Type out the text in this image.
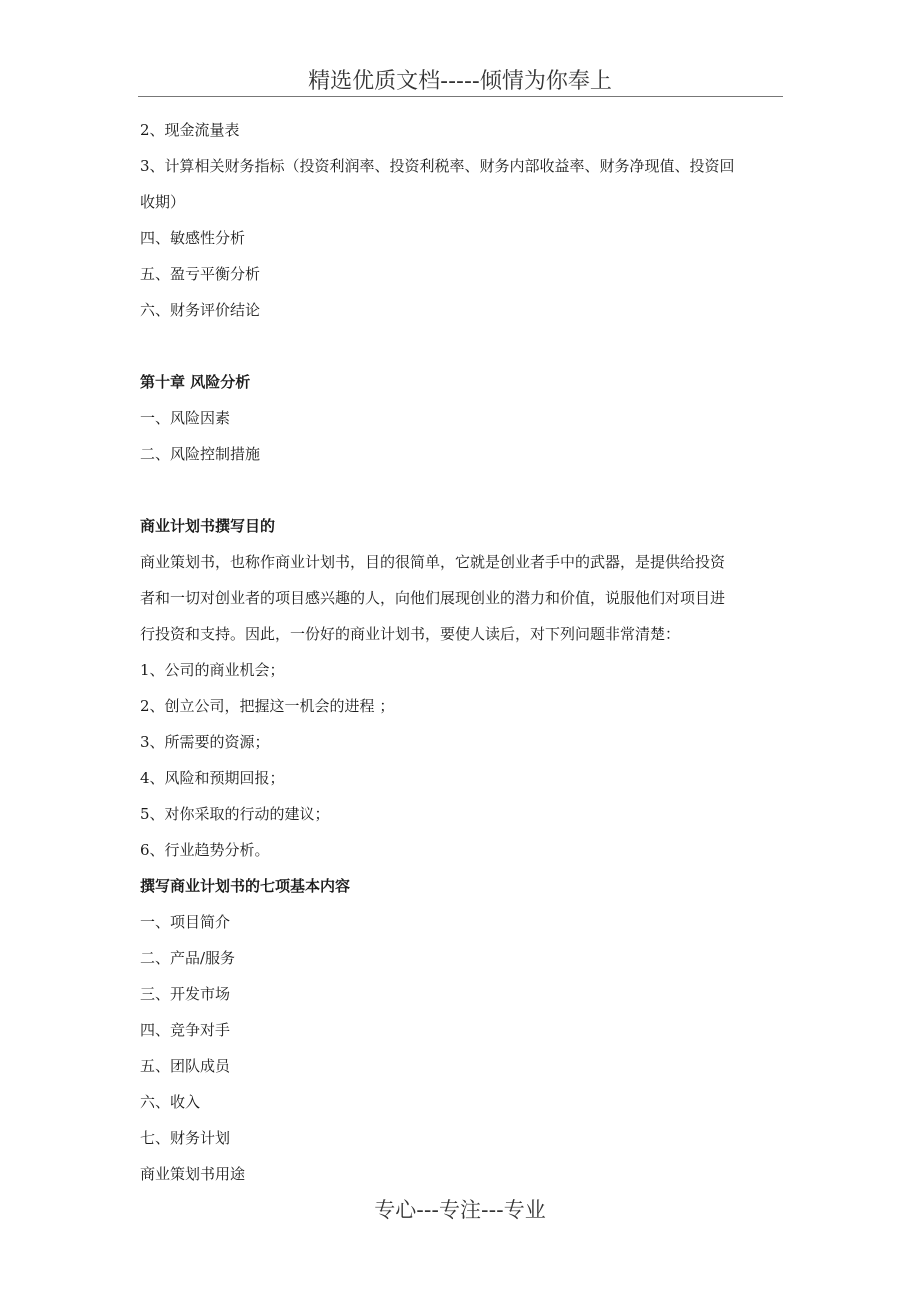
精选优质文档-----倾情为你奉上
2、现金流量表
3、计算相关财务指标（投资利润率、投资利税率、财务内部收益率、财务净现值、投资回
收期）
四、敏感性分析
五、盈亏平衡分析
六、财务评价结论
第十章 风险分析
一、风险因素
二、风险控制措施
商业计划书撰写目的
商业策划书，也称作商业计划书，目的很简单，它就是创业者手中的武器，是提供给投资
者和一切对创业者的项目感兴趣的人，向他们展现创业的潜力和价值，说服他们对项目进
行投资和支持。因此，一份好的商业计划书，要使人读后，对下列问题非常清楚：
1、公司的商业机会；
2、创立公司，把握这一机会的进程 ；
3、所需要的资源；
4、风险和预期回报；
5、对你采取的行动的建议；
6、行业趋势分析。
撰写商业计划书的七项基本内容
一、项目简介
二、产品/服务
三、开发市场
四、竞争对手
五、团队成员
六、收入
七、财务计划
商业策划书用途
专心---专注---专业
